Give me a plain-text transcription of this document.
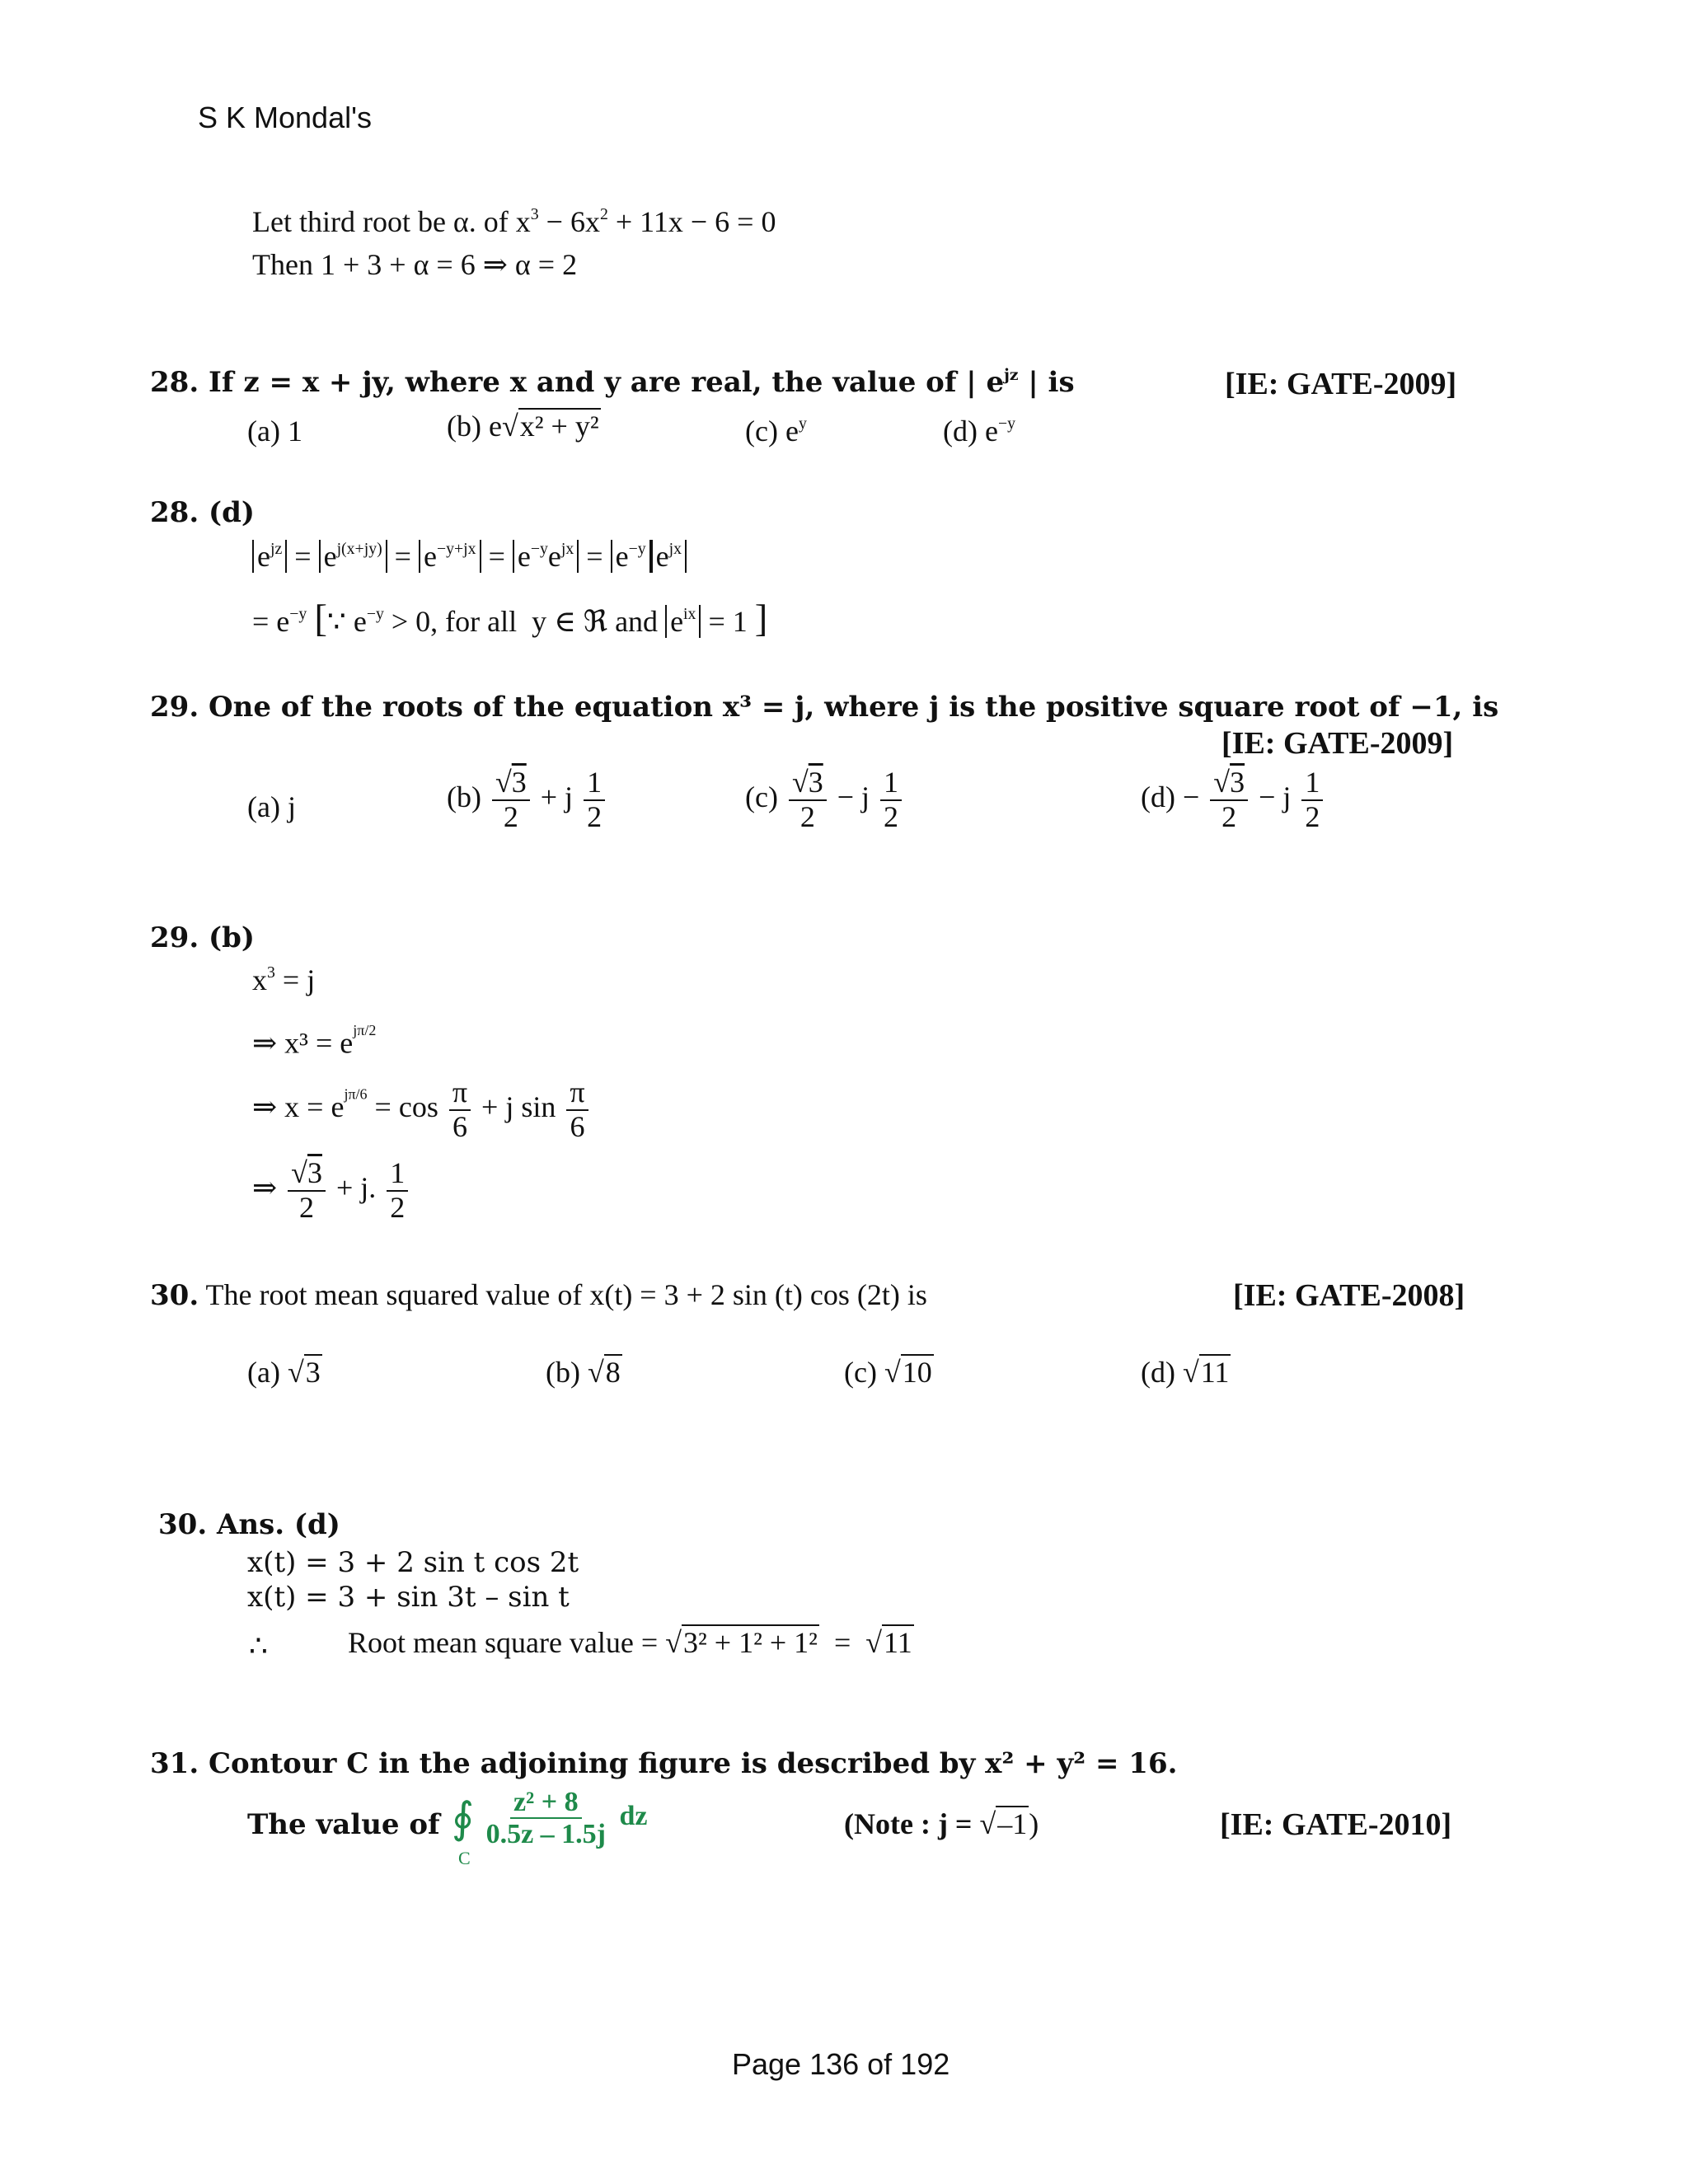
S K Mondal's
Let third root be α. of $x^3 - 6x^2 + 11x - 6 = 0$
Then 1 + 3 + α = 6 ⇒ α = 2
28. If z = x + jy, where x and y are real, the value of | $e^{jz}$ | is	[IE: GATE-2009]
(a) 1	(b) e√x² + y²	(c) $e^y$	(d) $e^{-y}$
28. (d)
$e^{jz} = e^{j(x+jy)} = e^{-y+jx} = e^{-y}e^{jx} = e^{-y}$ $e^{jx}$
= $e^{-y}$ [∵ $e^{-y} > 0$, for all  y ∈ ℜ and $e^{ix} = 1$ ]
29. One of the roots of the equation x³ = j, where j is the positive square root of −1, is
[IE: GATE-2009]
(a) j	$(b) \frac{√3}{2} + j \frac{1}{2}$	$(c) \frac{√3}{2} - j \frac{1}{2}$	$(d) - \frac{√3}{2} - j \frac{1}{2}$
29. (b)
$x^3 = j$
⇒ $x^3 = e^{j\pi/2}$
⇒ $x = e^{j\pi/6} = \cos \frac{\pi}{6} + j$ $\sin \frac{\pi}{6}$
⇒ $\frac{√3}{2} + j$. $\frac{1}{2}$
30. The root mean squared value of x(t) = 3 + 2 sin (t) cos (2t) is	[IE: GATE-2008]
(a) √3	(b) √8	(c) √10	(d) √11
30. Ans. (d)
x(t) = 3 + 2 sin t cos 2t
x(t) = 3 + sin 3t – sin t
∴	Root mean square value = √3² + 1² + 1² = √11
31. Contour C in the adjoining figure is described by x² + y² = 16.
The value of ∮ $\frac{\text{z² + 8}}{0.5z - 1.5j}$ dz
C
(Note : j = √–1)	[IE: GATE-2010]
Page 136 of 192
